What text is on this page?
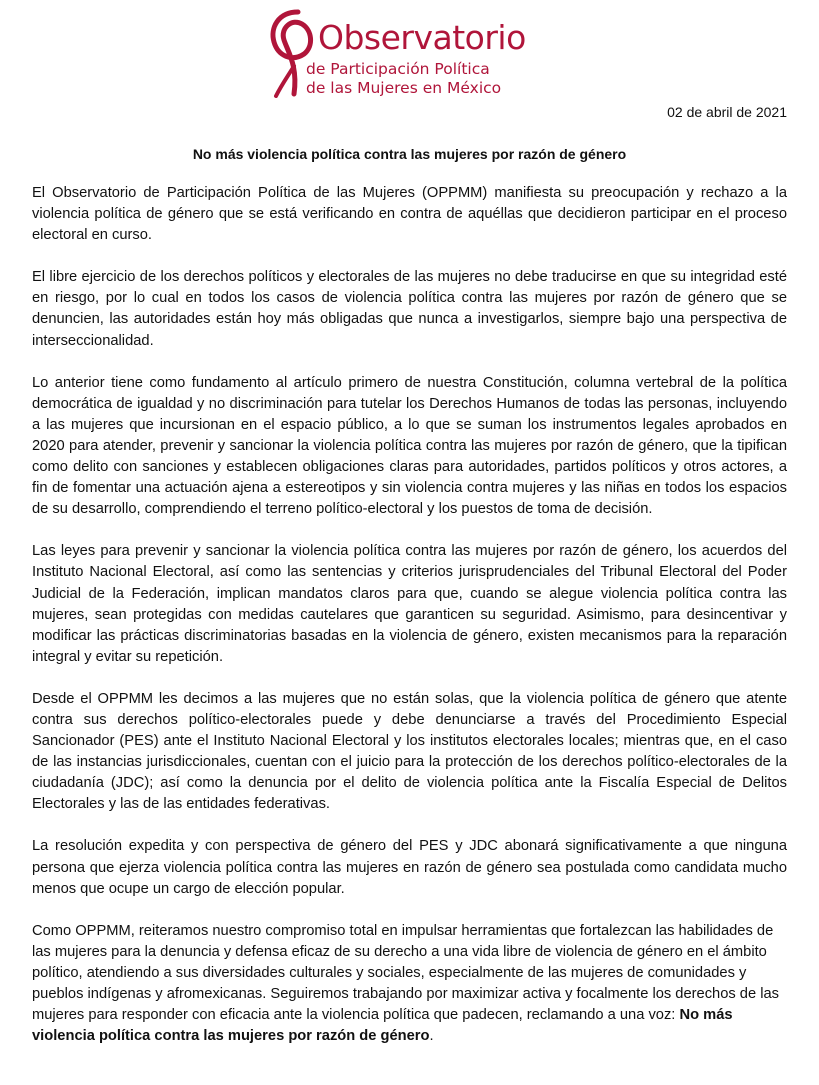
Observatorio
de Participación Política
de las Mujeres en México
02 de abril de 2021
No más violencia política contra las mujeres por razón de género

El Observatorio de Participación Política de las Mujeres (OPPMM) manifiesta su preocupación y rechazo a la violencia política de género que se está verificando en contra de aquéllas que decidieron participar en el proceso electoral en curso.

El libre ejercicio de los derechos políticos y electorales de las mujeres no debe traducirse en que su integridad esté en riesgo, por lo cual en todos los casos de violencia política contra las mujeres por razón de género que se denuncien, las autoridades están hoy más obligadas que nunca a investigarlos, siempre bajo una perspectiva de interseccionalidad.

Lo anterior tiene como fundamento al artículo primero de nuestra Constitución, columna vertebral de la política democrática de igualdad y no discriminación para tutelar los Derechos Humanos de todas las personas, incluyendo a las mujeres que incursionan en el espacio público, a lo que se suman los instrumentos legales aprobados en 2020 para atender, prevenir y sancionar la violencia política contra las mujeres por razón de género, que la tipifican como delito con sanciones y establecen obligaciones claras para autoridades, partidos políticos y otros actores, a fin de fomentar una actuación ajena a estereotipos y sin violencia contra mujeres y las niñas en todos los espacios de su desarrollo, comprendiendo el terreno político-electoral y los puestos de toma de decisión.

Las leyes para prevenir y sancionar la violencia política contra las mujeres por razón de género, los acuerdos del Instituto Nacional Electoral, así como las sentencias y criterios jurisprudenciales del Tribunal Electoral del Poder Judicial de la Federación, implican mandatos claros para que, cuando se alegue violencia política contra las mujeres, sean protegidas con medidas cautelares que garanticen su seguridad. Asimismo, para desincentivar y modificar las prácticas discriminatorias basadas en la violencia de género, existen mecanismos para la reparación integral y evitar su repetición.

Desde el OPPMM les decimos a las mujeres que no están solas, que la violencia política de género que atente contra sus derechos político-electorales puede y debe denunciarse a través del Procedimiento Especial Sancionador (PES) ante el Instituto Nacional Electoral y los institutos electorales locales; mientras que, en el caso de las instancias jurisdiccionales, cuentan con el juicio para la protección de los derechos político-electorales de la ciudadanía (JDC); así como la denuncia por el delito de violencia política ante la Fiscalía Especial de Delitos Electorales y las de las entidades federativas.

La resolución expedita y con perspectiva de género del PES y JDC abonará significativamente a que ninguna persona que ejerza violencia política contra las mujeres en razón de género sea postulada como candidata mucho menos que ocupe un cargo de elección popular.

Como OPPMM, reiteramos nuestro compromiso total en impulsar herramientas que fortalezcan las habilidades de las mujeres para la denuncia y defensa eficaz de su derecho a una vida libre de violencia de género en el ámbito político, atendiendo a sus diversidades culturales y sociales, especialmente de las mujeres de comunidades y pueblos indígenas y afromexicanas. Seguiremos trabajando por maximizar activa y focalmente los derechos de las mujeres para responder con eficacia ante la violencia política que padecen, reclamando a una voz: No más violencia política contra las mujeres por razón de género.
